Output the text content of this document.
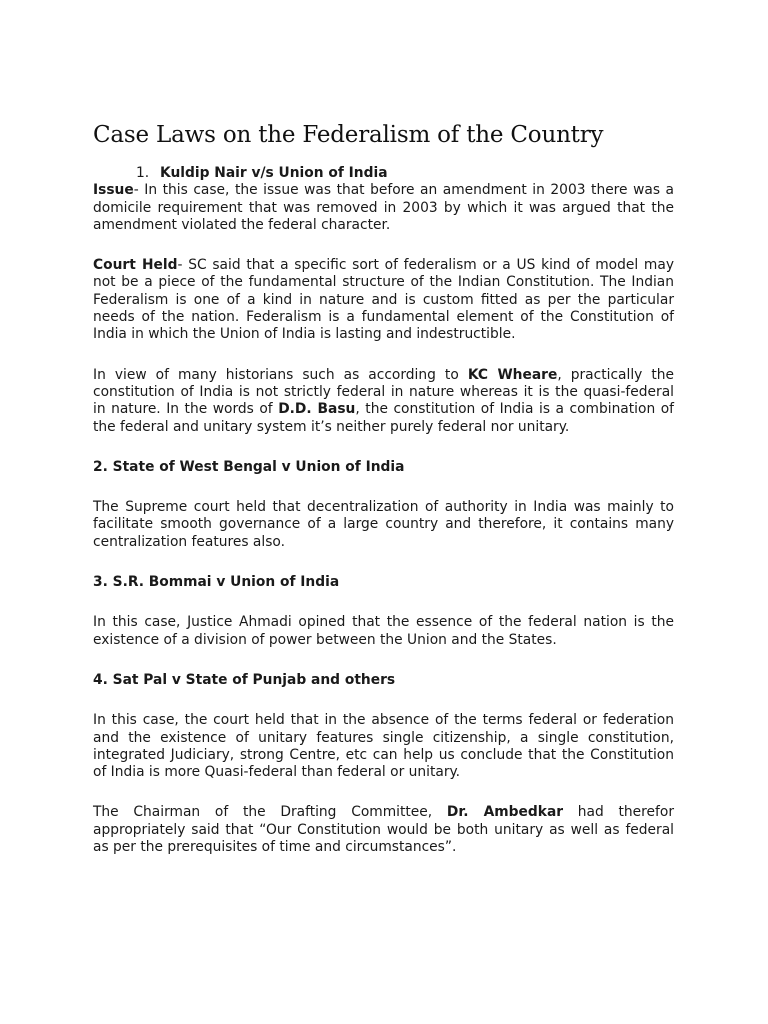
Case Laws on the Federalism of the Country
1. Kuldip Nair v/s Union of India

Issue- In this case, the issue was that before an amendment in 2003 there was a domicile requirement that was removed in 2003 by which it was argued that the amendment violated the federal character.

Court Held- SC said that a specific sort of federalism or a US kind of model may not be a piece of the fundamental structure of the Indian Constitution. The Indian Federalism is one of a kind in nature and is custom fitted as per the particular needs of the nation. Federalism is a fundamental element of the Constitution of India in which the Union of India is lasting and indestructible.

In view of many historians such as according to KC Wheare, practically the constitution of India is not strictly federal in nature whereas it is the quasi-federal in nature. In the words of D.D. Basu, the constitution of India is a combination of the federal and unitary system it’s neither purely federal nor unitary.

2. State of West Bengal v Union of India

The Supreme court held that decentralization of authority in India was mainly to facilitate smooth governance of a large country and therefore, it contains many centralization features also.

3. S.R. Bommai v Union of India

In this case, Justice Ahmadi opined that the essence of the federal nation is the existence of a division of power between the Union and the States.

4. Sat Pal v State of Punjab and others

In this case, the court held that in the absence of the terms federal or federation and the existence of unitary features single citizenship, a single constitution, integrated Judiciary, strong Centre, etc can help us conclude that the Constitution of India is more Quasi-federal than federal or unitary.

The Chairman of the Drafting Committee, Dr. Ambedkar had therefor appropriately said that “Our Constitution would be both unitary as well as federal as per the prerequisites of time and circumstances”.
